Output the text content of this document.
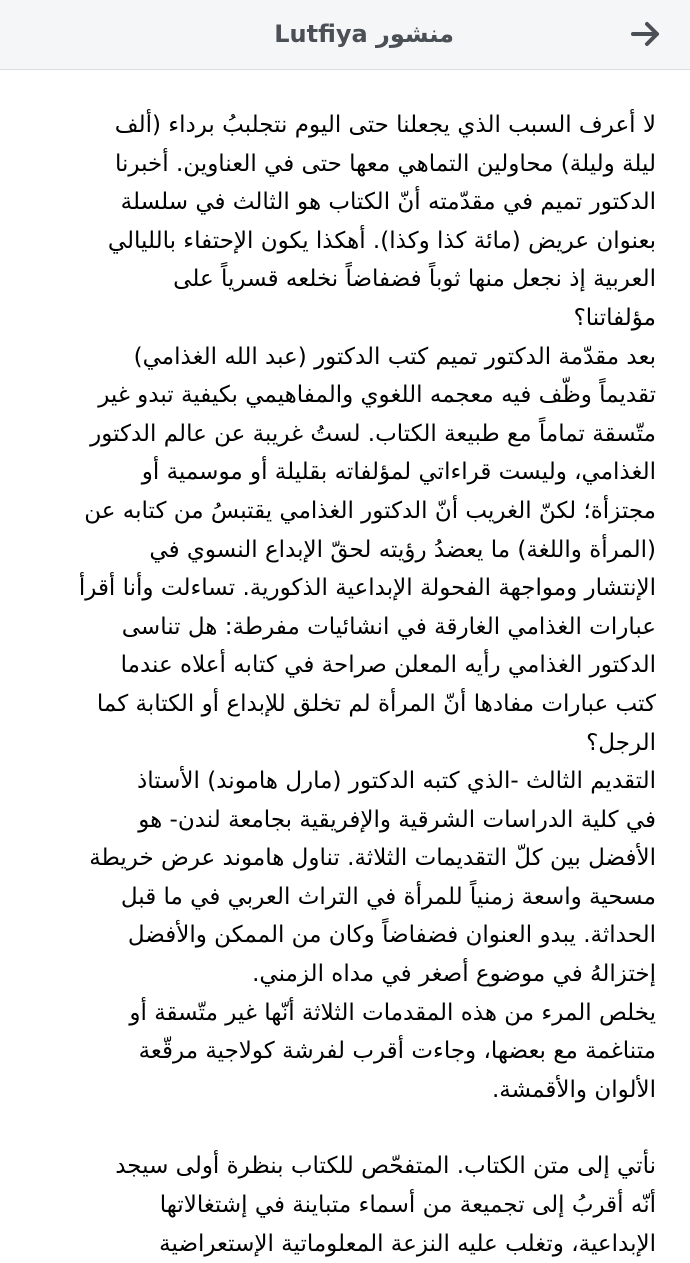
منشور Lutfiya

لا أعرف السبب الذي يجعلنا حتى اليوم نتجلببُ برداء (ألف
ليلة وليلة) محاولين التماهي معها حتى في العناوين. أخبرنا
الدكتور تميم في مقدّمته أنّ الكتاب هو الثالث في سلسلة
بعنوان عريض (مائة كذا وكذا). أهكذا يكون الإحتفاء بالليالي
العربية إذ نجعل منها ثوباً فضفاضاً نخلعه قسرياً على
مؤلفاتنا؟

بعد مقدّمة الدكتور تميم كتب الدكتور (عبد الله الغذامي)
تقديماً وظّف فيه معجمه اللغوي والمفاهيمي بكيفية تبدو غير
متّسقة تماماً مع طبيعة الكتاب. لستُ غريبة عن عالم الدكتور
الغذامي، وليست قراءاتي لمؤلفاته بقليلة أو موسمية أو
مجتزأة؛ لكنّ الغريب أنّ الدكتور الغذامي يقتبسُ من كتابه عن
(المرأة واللغة) ما يعضدُ رؤيته لحقّ الإبداع النسوي في
الإنتشار ومواجهة الفحولة الإبداعية الذكورية. تساءلت وأنا أقرأ
عبارات الغذامي الغارقة في انشائيات مفرطة: هل تناسى
الدكتور الغذامي رأيه المعلن صراحة في كتابه أعلاه عندما
كتب عبارات مفادها أنّ المرأة لم تخلق للإبداع أو الكتابة كما
الرجل؟

التقديم الثالث -الذي كتبه الدكتور (مارل هاموند) الأستاذ
في كلية الدراسات الشرقية والإفريقية بجامعة لندن- هو
الأفضل بين كلّ التقديمات الثلاثة. تناول هاموند عرض خريطة
مسحية واسعة زمنياً للمرأة في التراث العربي في ما قبل
الحداثة. يبدو العنوان فضفاضاً وكان من الممكن والأفضل
إختزالهُ في موضوع أصغر في مداه الزمني.

يخلص المرء من هذه المقدمات الثلاثة أنّها غير متّسقة أو
متناغمة مع بعضها، وجاءت أقرب لفرشة كولاجية مرقّعة
الألوان والأقمشة.

نأتي إلى متن الكتاب. المتفحّص للكتاب بنظرة أولى سيجد
أنّه أقربُ إلى تجميعة من أسماء متباينة في إشتغالاتها
الإبداعية، وتغلب عليه النزعة المعلوماتية الإستعراضية
